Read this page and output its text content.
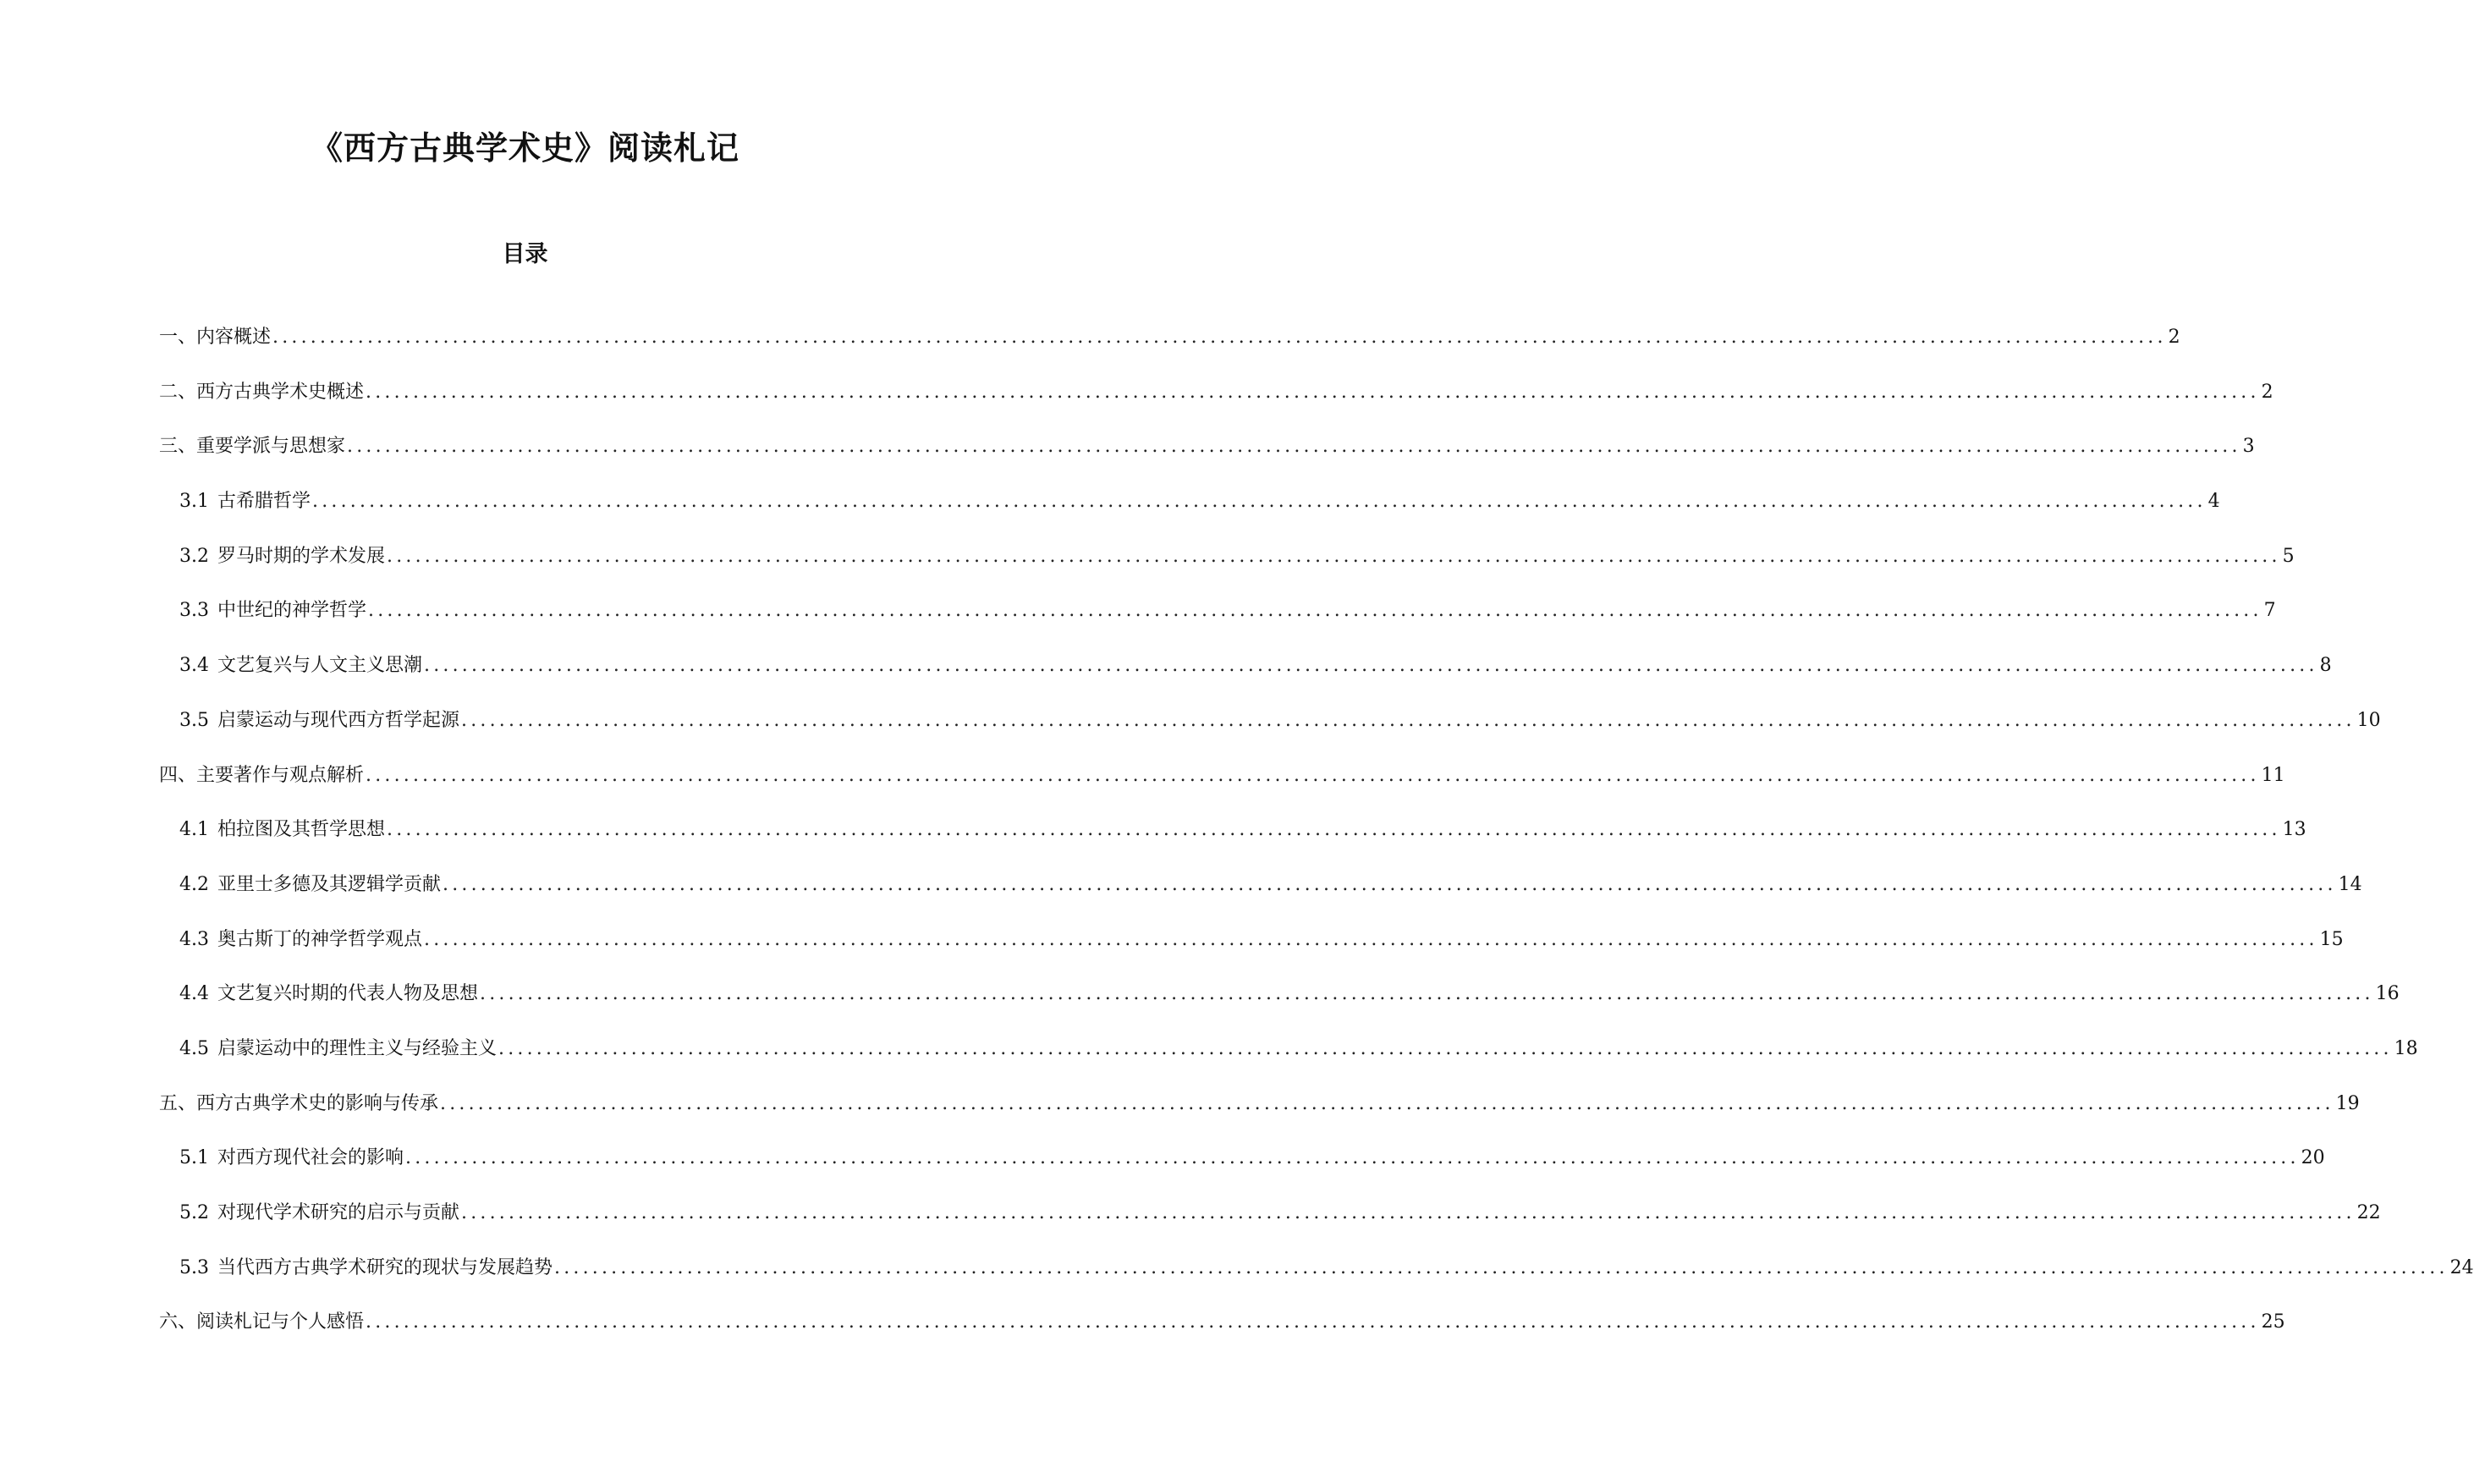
《西方古典学术史》阅读札记
目录
一、内容概述 ........................................................................................................................................................................................................ 2
二、西方古典学术史概述 ........................................................................................................................................................................................................ 2
三、重要学派与思想家 ........................................................................................................................................................................................................ 3
3.1 古希腊哲学 ........................................................................................................................................................................................................ 4
3.2 罗马时期的学术发展 ........................................................................................................................................................................................................ 5
3.3 中世纪的神学哲学 ........................................................................................................................................................................................................ 7
3.4 文艺复兴与人文主义思潮 ........................................................................................................................................................................................................ 8
3.5 启蒙运动与现代西方哲学起源 ........................................................................................................................................................................................................ 10
四、主要著作与观点解析 ........................................................................................................................................................................................................ 11
4.1 柏拉图及其哲学思想 ........................................................................................................................................................................................................ 13
4.2 亚里士多德及其逻辑学贡献 ........................................................................................................................................................................................................ 14
4.3 奥古斯丁的神学哲学观点 ........................................................................................................................................................................................................ 15
4.4 文艺复兴时期的代表人物及思想 ........................................................................................................................................................................................................ 16
4.5 启蒙运动中的理性主义与经验主义 ........................................................................................................................................................................................................ 18
五、西方古典学术史的影响与传承 ........................................................................................................................................................................................................ 19
5.1 对西方现代社会的影响 ........................................................................................................................................................................................................ 20
5.2 对现代学术研究的启示与贡献 ........................................................................................................................................................................................................ 22
5.3 当代西方古典学术研究的现状与发展趋势 ........................................................................................................................................................................................................ 24
六、阅读札记与个人感悟 ........................................................................................................................................................................................................ 25
